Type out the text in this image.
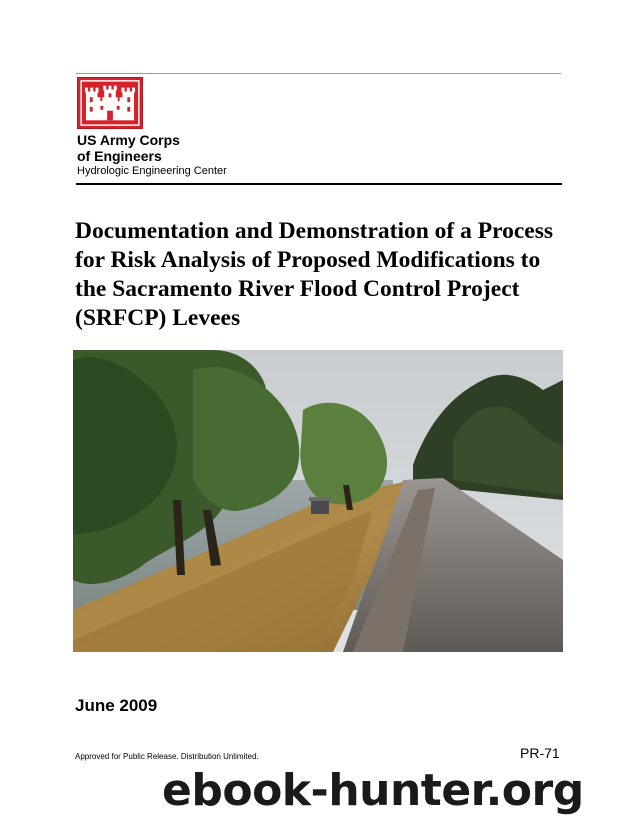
US Army Corps
of Engineers
Hydrologic Engineering Center
Documentation and Demonstration of a Process for Risk Analysis of Proposed Modifications to the Sacramento River Flood Control Project (SRFCP) Levees
June 2009
Approved for Public Release. Distribution Unlimited.	PR-71
ebook-hunter.org
